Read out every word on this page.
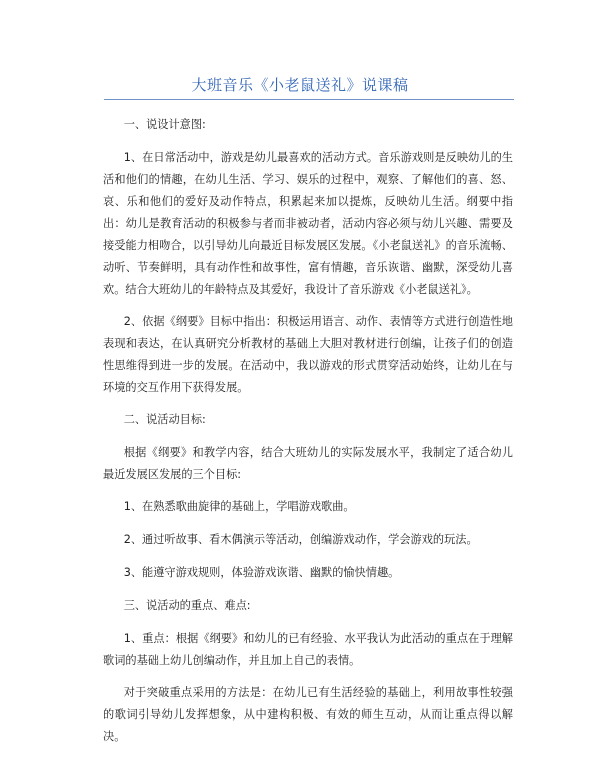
大班音乐《小老鼠送礼》说课稿

一、说设计意图:

1、在日常活动中，游戏是幼儿最喜欢的活动方式。音乐游戏则是反映幼儿的生活和他们的情趣，在幼儿生活、学习、娱乐的过程中，观察、了解他们的喜、怒、哀、乐和他们的爱好及动作特点，积累起来加以提炼，反映幼儿生活。纲要中指出：幼儿是教育活动的积极参与者而非被动者，活动内容必须与幼儿兴趣、需要及接受能力相吻合，以引导幼儿向最近目标发展区发展。《小老鼠送礼》的音乐流畅、动听、节奏鲜明，具有动作性和故事性，富有情趣，音乐诙谐、幽默，深受幼儿喜欢。结合大班幼儿的年龄特点及其爱好，我设计了音乐游戏《小老鼠送礼》。

2、依据《纲要》目标中指出：积极运用语言、动作、表情等方式进行创造性地表现和表达，在认真研究分析教材的基础上大胆对教材进行创编，让孩子们的创造性思维得到进一步的发展。在活动中，我以游戏的形式贯穿活动始终，让幼儿在与环境的交互作用下获得发展。

二、说活动目标:

根据《纲要》和教学内容，结合大班幼儿的实际发展水平，我制定了适合幼儿最近发展区发展的三个目标:

1、在熟悉歌曲旋律的基础上，学唱游戏歌曲。

2、通过听故事、看木偶演示等活动，创编游戏动作，学会游戏的玩法。

3、能遵守游戏规则，体验游戏诙谐、幽默的愉快情趣。

三、说活动的重点、难点:

1、重点：根据《纲要》和幼儿的已有经验、水平我认为此活动的重点在于理解歌词的基础上幼儿创编动作，并且加上自己的表情。

对于突破重点采用的方法是：在幼儿已有生活经验的基础上，利用故事性较强的歌词引导幼儿发挥想象，从中建构积极、有效的师生互动，从而让重点得以解决。
